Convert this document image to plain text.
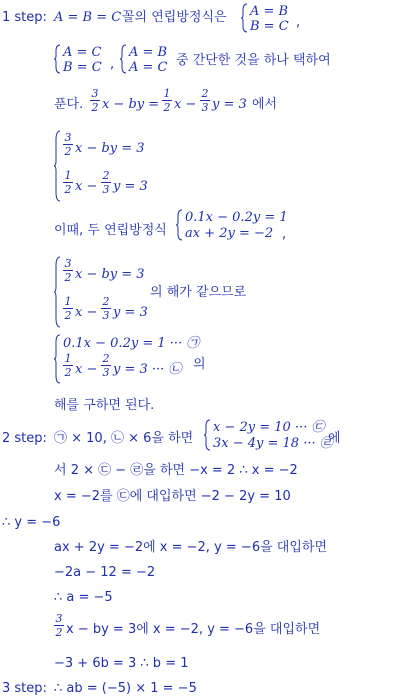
1 step: A = B = C 꼴의 연립방정식은 A = B
B = C ,
A = C
B = C ,
A = B
A = C 중 간단한 것을 하나 택하여
푼다.
3
2 x − by =
1
2 x −
2
3 y = 3 에서
3
2 x − by = 3
1
2 x −
2
3 y = 3
이때, 두 연립방정식
0.1x − 0.2y = 1
ax + 2y = −2 ,
3
2 x − by = 3
1
2 x −
2
3 y = 3
의 해가 같으므로
0.1x − 0.2y = 1 ··· ㉠
1
2 x −
2
3 y = 3 ··· ㉡ 의
해를 구하면 된다.
2 step: ㉠ × 10, ㉡ × 6을 하면
x − 2y = 10 ··· ㉢
3x − 4y = 18 ··· ㉣
에
서 2 × ㉢ − ㉣을 하면 −x = 2 ∴ x = −2
x = −2를 ㉢에 대입하면 −2 − 2y = 10
∴ y = −6
ax + 2y = −2에 x = −2, y = −6을 대입하면
−2a − 12 = −2
∴ a = −5
3
2 x − by = 3에 x = −2, y = −6을 대입하면
−3 + 6b = 3 ∴ b = 1
3 step: ∴ ab = (−5) × 1 = −5
